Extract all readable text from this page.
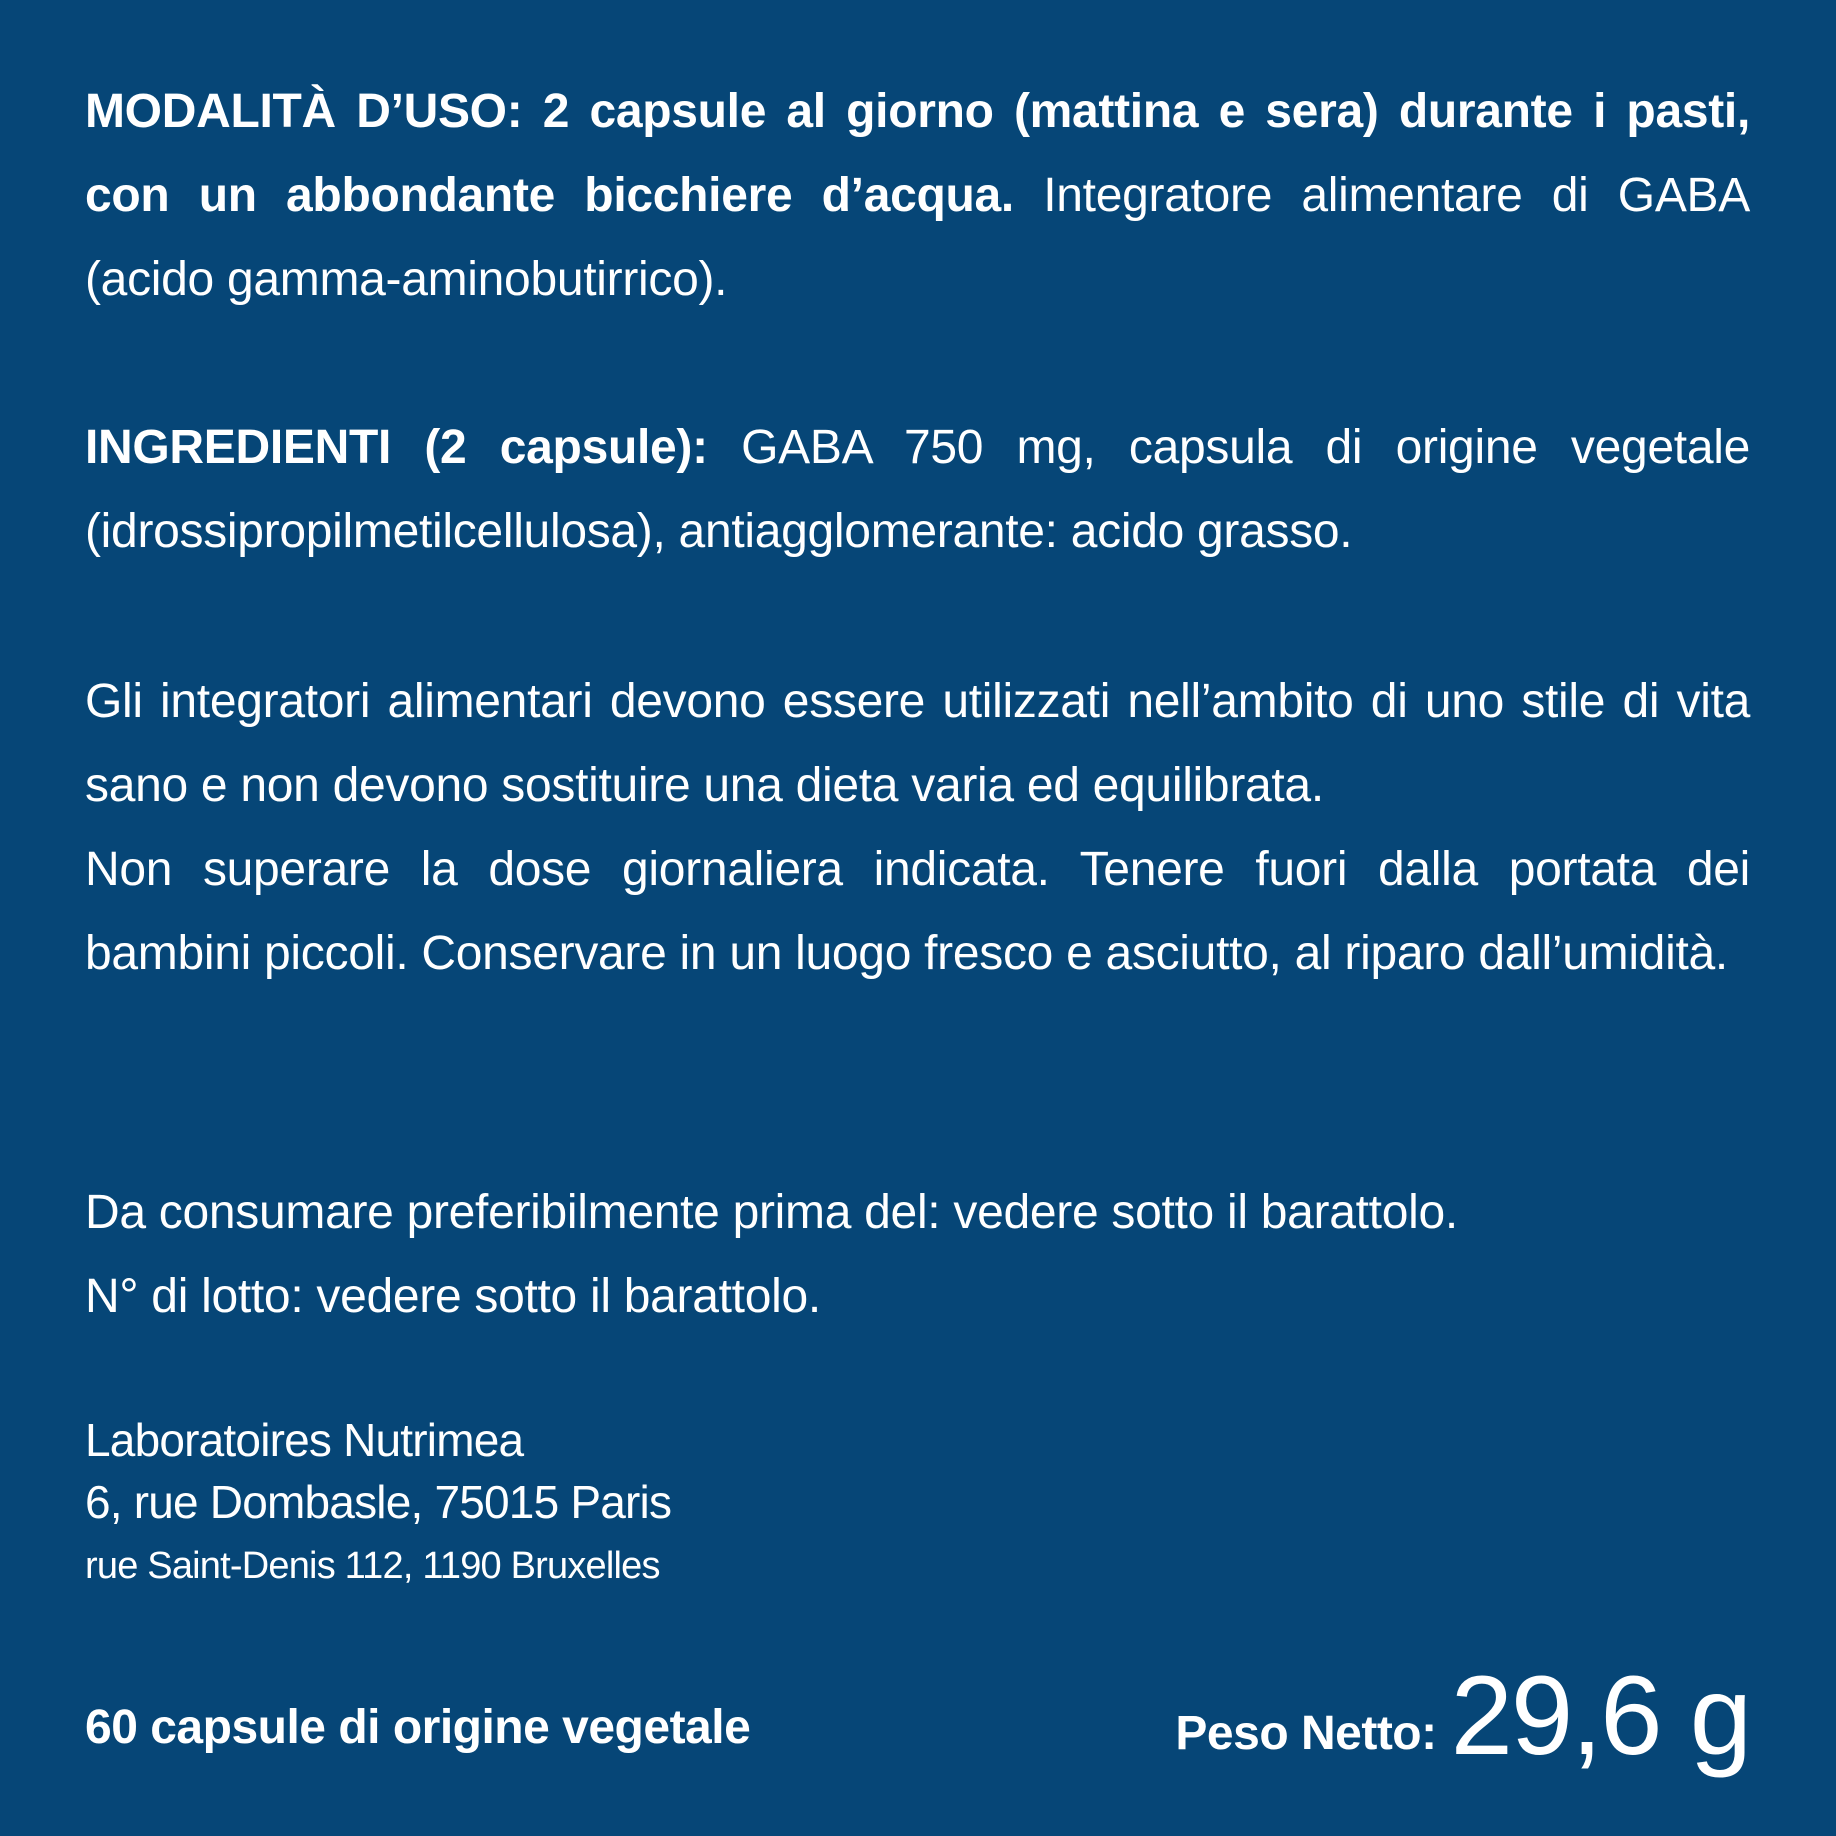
MODALITÀ D’USO: 2 capsule al giorno (mattina e sera) durante i pasti, con un abbondante bicchiere d’acqua. Integratore alimentare di GABA (acido gamma-aminobutirrico).
INGREDIENTI (2 capsule): GABA 750 mg, capsula di origine vegetale (idrossipropilmetilcellulosa), antiagglomerante: acido grasso.
Gli integratori alimentari devono essere utilizzati nell’ambito di uno stile di vita sano e non devono sostituire una dieta varia ed equilibrata.
Non superare la dose giornaliera indicata. Tenere fuori dalla portata dei bambini piccoli. Conservare in un luogo fresco e asciutto, al riparo dall’umidità.
Da consumare preferibilmente prima del: vedere sotto il barattolo.
N° di lotto: vedere sotto il barattolo.
Laboratoires Nutrimea
6, rue Dombasle, 75015 Paris
rue Saint-Denis 112, 1190 Bruxelles
60 capsule di origine vegetale	Peso Netto: 29,6 g
